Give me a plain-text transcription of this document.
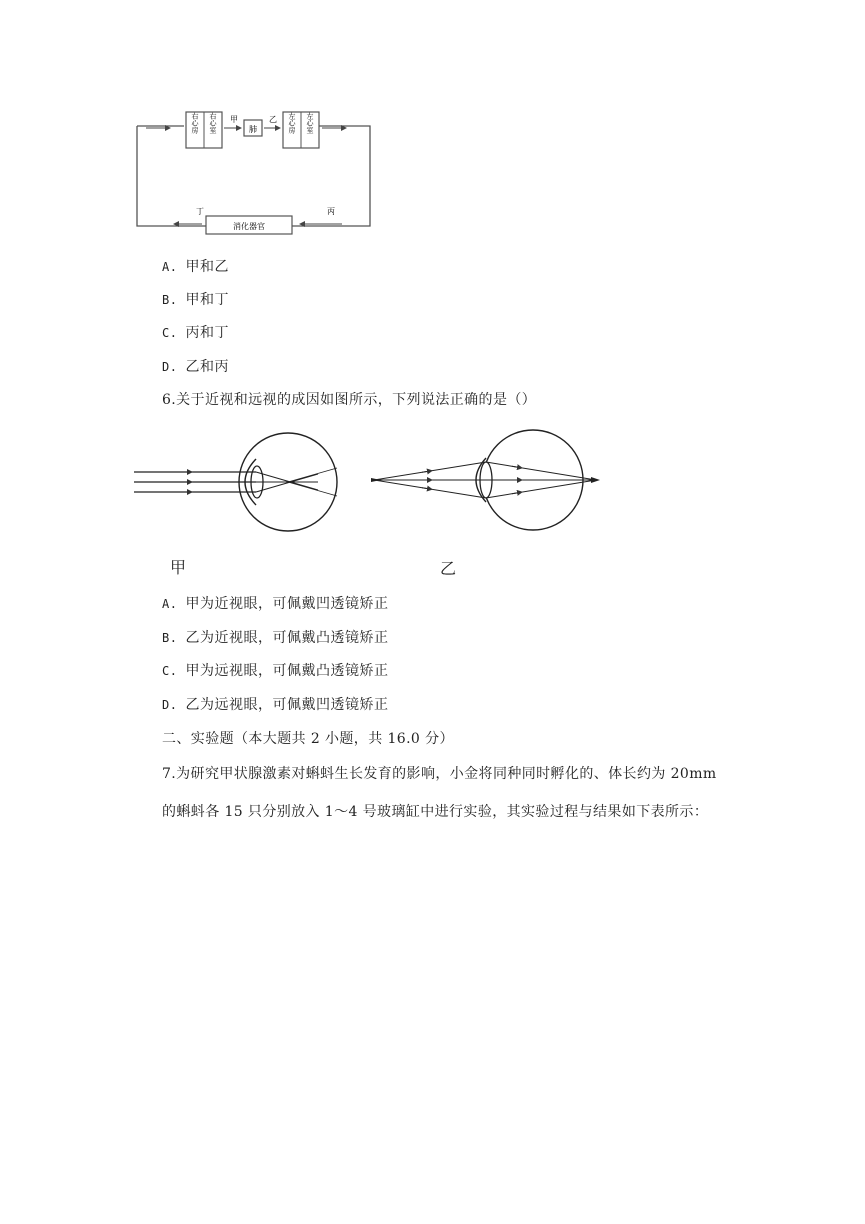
右心房 右心室 甲
肺
乙 左心房 左心室
消化器官
丙
丁
A. 甲和乙
B. 甲和丁
C. 丙和丁
D. 乙和丙
6.关于近视和远视的成因如图所示，下列说法正确的是（）
甲	乙
A. 甲为近视眼，可佩戴凹透镜矫正
B. 乙为近视眼，可佩戴凸透镜矫正
C. 甲为远视眼，可佩戴凸透镜矫正
D. 乙为远视眼，可佩戴凹透镜矫正
二、实验题（本大题共 2 小题，共 16.0 分）
7.为研究甲状腺激素对蝌蚪生长发育的影响，小金将同种同时孵化的、体长约为 20mm
的蝌蚪各 15 只分别放入 1～4 号玻璃缸中进行实验，其实验过程与结果如下表所示：
